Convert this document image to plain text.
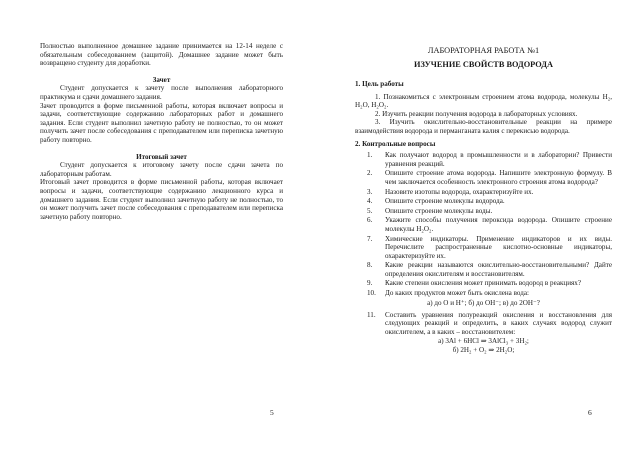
Полностью выполненное домашнее задание принимается на 12-14 неделе с обязательным собеседованием (защитой). Домашнее задание может быть возвращено студенту для доработки.

Зачет

Студент допускается к зачету после выполнения лабораторного практикума и сдачи домашнего задания.

Зачет проводится в форме письменной работы, которая включает вопросы и задачи, соответствующие содержанию лабораторных работ и домашнего задания. Если студент выполнил зачетную работу не полностью, то он может получить зачет после собеседования с преподавателем или переписка зачетную работу повторно.

Итоговый зачет

Студент допускается к итоговому зачету после сдачи зачета по лабораторным работам.

Итоговый зачет проводится в форме письменной работы, которая включает вопросы и задачи, соответствующие содержанию лекционного курса и домашнего задания. Если студент выполнил зачетную работу не полностью, то он может получить зачет после собеседования с преподавателем или переписка зачетную работу повторно.

5

ЛАБОРАТОРНАЯ РАБОТА №1

ИЗУЧЕНИЕ СВОЙСТВ ВОДОРОДА

1. Цель работы

1. Познакомиться с электронным строением атома водорода, молекулы H₂, H₂O, H₂O₂.

2. Изучить реакции получения водорода в лабораторных условиях.

3. Изучить окислительно-восстановительные реакции на примере взаимодействия водорода и перманганата калия с перекисью водорода.

2. Контрольные вопросы

1.	Как получают водород в промышленности и в лаборатории? Привести уравнения реакций.
2.	Опишите строение атома водорода. Напишите электронную формулу. В чем заключается особенность электронного строения атома водорода?
3.	Назовите изотопы водорода, охарактеризуйте их.
4.	Опишите строение молекулы водорода.
5.	Опишите строение молекулы воды.
6.	Укажите способы получения пероксида водорода. Опишите строение молекулы H₂O₂.
7.	Химические индикаторы. Применение индикаторов и их виды. Перечислите распространенные кислотно-основные индикаторы, охарактеризуйте их.
8.	Какие реакции называются окислительно-восстановительными? Дайте определения окислителям и восстановителям.
9.	Какие степени окисления может принимать водород в реакциях?
10.	До каких продуктов может быть окислена вода:

а) до O и H⁺; б) до OH⁻; в) до 2OH⁻?

11.	Составить уравнения полуреакций окисления и восстановления для следующих реакций и определить, в каких случаях водород служит окислителем, а в каких – восстановителем:

а) 3Al + 6HCl ⇒ 3AlCl₃ + 3H₂;

б) 2H₂ + O₂ ⇒ 2H₂O;

6
